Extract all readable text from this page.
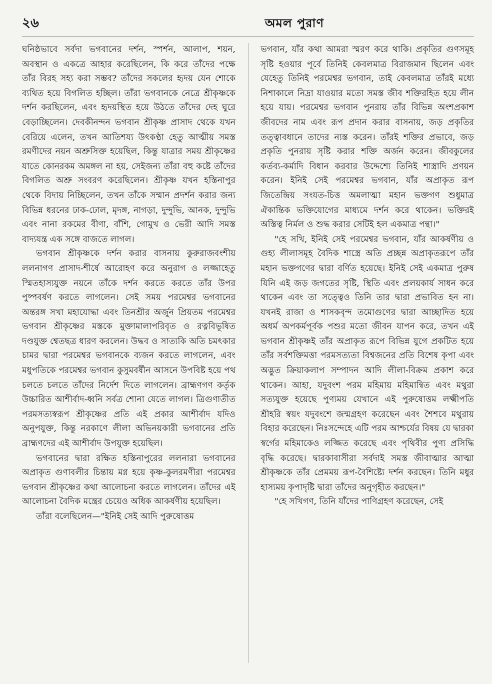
২৬	অমল পুরাণ

ঘনিষ্ঠভাবে সর্বদা ভগবানের দর্শন, স্পর্শন, আলাপ, শয়ন, অবস্থান ও একত্রে আহার করেছিলেন, কি করে তাঁদের পক্ষে তাঁর বিরহ সহ্য করা সম্ভব? তাঁদের সকলের হৃদয় যেন শোকে ব্যথিত হয়ে বিগলিত হচ্ছিল। তাঁরা ভগবানকে নেত্রে শ্রীকৃষ্ণকে দর্শন করছিলেন, এবং হৃদয়স্থিত হয়ে উঠতে তাঁদের দেহ ঘুরে বেড়াচ্ছিলেন। দেবকীনন্দন ভগবান শ্রীকৃষ্ণ প্রাসাদ থেকে যখন বেরিয়ে এলেন, তখন আতিশয্য উৎকণ্ঠা হেতু আত্মীয় সমস্ত রমণীদের নয়ন অশ্রুসিক্ত হয়েছিল, কিন্তু যাত্রার সময় শ্রীকৃষ্ণের যাতে কোনরকম অমঙ্গল না হয়, সেইজন্য তাঁরা বহু কষ্টে তাঁদের বিগলিত অশ্রু সংবরণ করেছিলেন। শ্রীকৃষ্ণ যখন হস্তিনাপুর থেকে বিদায় নিচ্ছিলেন, তখন তাঁকে সম্মান প্রদর্শন করার জন্য বিভিন্ন ধরনের ঢাক-ঢোল, মৃদঙ্গ, নাগড়া, দুন্দুভি, আনক, দুন্দুভি এবং নানা রকমের বীণা, বাঁশি, গোমুখ ও ভেরী আদি সমস্ত বাদ্যযন্ত্র এক সঙ্গে বাজতে লাগল।

ভগবান শ্রীকৃষ্ণকে দর্শন করার বাসনায় কুরুরাজবংশীয় ললনাগণ প্রাসাদ-শীর্ষে আরোহণ করে অনুরাগ ও লজ্জাহেতু স্মিতহাস্যযুক্ত নয়নে তাঁকে দর্শন করতে করতে তাঁর উপর পুষ্পবর্ষণ করতে লাগলেন। সেই সময় পরমেশ্বর ভগবানের অন্তরঙ্গ সখা মহাযোদ্ধা এবং তিনশ্রীর অর্জুন প্রিয়তম পরমেশ্বর ভগবান শ্রীকৃষ্ণের মস্তকে মুক্তামালাপরিবৃত ও রত্নবিভূষিত দণ্ডযুক্ত শ্বেতছত্র ধারণ করলেন। উদ্ধব ও সাত্যকি অতি চমৎকার চামর দ্বারা পরমেশ্বর ভগবানকে ব্যজন করতে লাগলেন, এবং মধুপতিকে পরমেশ্বর ভগবান কুসুমবর্ষীন আসনে উপবিষ্ট হয়ে পথ চলতে চলতে তাঁদের নির্দেশ দিতে লাগলেন। ব্রাহ্মণগণ কর্তৃক উচ্চারিত আশীর্বাদ-ধ্বনি সর্বত্র শোনা যেতে লাগল। ত্রিগুণাতীত পরমসত্যস্বরূপ শ্রীকৃষ্ণের প্রতি এই প্রকার আশীর্বাদ যদিও অনুপযুক্ত, কিন্তু নরকাণে লীলা অভিনয়কারী ভগবানের প্রতি ব্রাহ্মণদের এই আশীর্বাদ উপযুক্ত হয়েছিল।

ভগবানের দ্বারা রক্ষিত হস্তিনাপুরের ললনারা ভগবানের অপ্রাকৃত গুণাবলীর চিন্তায় মগ্ন হয়ে কৃষ্ণ-কুলরমণীরা পরমেশ্বর ভগবান শ্রীকৃষ্ণের কথা আলোচনা করতে লাগলেন। তাঁদের এই আলোচনা বৈদিক মন্ত্রের চেয়েও অধিক আকর্ষণীয় হয়েছিল।

তাঁরা বলেছিলেন—"ইনিই সেই আদি পুরুষোত্তম

ভগবান, যাঁর কথা আমরা স্মরণ করে থাকি। প্রকৃতির গুণসমূহ সৃষ্টি হওয়ার পূর্বে তিনিই কেবলমাত্র বিরাজমান ছিলেন এবং যেহেতু তিনিই পরমেশ্বর ভগবান, তাই কেবলমাত্র তাঁরই মধ্যে নিশাকালে নিদ্রা যাওয়ার মতো সমস্ত জীব শক্তিরহিত হয়ে লীন হয়ে যায়। পরমেশ্বর ভগবান পুনরায় তাঁর বিভিন্ন অংশপ্রকাশ জীবদের নাম এবং রূপ প্রদান করার বাসনায়, জড় প্রকৃতির তত্ত্বাবধানে তাদের ন্যস্ত করেন। তাঁরই শক্তির প্রভাবে, জড় প্রকৃতি পুনরায় সৃষ্টি করার শক্তি অর্জন করেন। জীবকুলের কর্তব্য-কর্মাদি বিধান করবার উদ্দেশ্যে তিনিই শাস্ত্রাদি প্রণয়ন করেন। ইনিই সেই পরমেশ্বর ভগবান, যাঁর অপ্রাকৃত রূপ জিতেন্দ্রিয় সংযত-চিত্ত অমলাত্মা মহান ভক্তগণ শুধুমাত্র ঐকান্তিক ভক্তিযোগের মাধ্যমে দর্শন করে থাকেন। ভক্তিরই অস্তিত্ব নির্মল ও শুদ্ধ করার সেটিই হল একমাত্র পন্থা।"

"হে সখি, ইনিই সেই পরমেশ্বর ভগবান, যাঁর আকর্ষণীয় ও গুহ্য লীলাসমূহ বৈদিক শাস্ত্রে অতি প্রচ্ছন্ন অপ্রাকৃতরূপে তাঁর মহান ভক্তগণের দ্বারা বর্ণিত হয়েছে। ইনিই সেই একমাত্র পুরুষ যিনি এই জড় জগতের সৃষ্টি, স্থিতি এবং প্রলয়কার্য সাধন করে থাকেন এবং তা সত্ত্বেও তিনি তার দ্বারা প্রভাবিত হন না। যখনই রাজা ও শাসকবৃন্দ তমোগুণের দ্বারা আচ্ছাদিত হয়ে অধর্ম অপকর্মপূর্বক পশুর মতো জীবন যাপন করে, তখন এই ভগবান শ্রীকৃষ্ণই তাঁর অপ্রাকৃত রূপে বিভিন্ন যুগে প্রকটিত হয়ে তাঁর সর্বশক্তিমত্তা পরমসত্যতা বিশ্বজনের প্রতি বিশেষ কৃপা এবং অদ্ভুত ক্রিয়াকলাপ সম্পাদন আদি লীলা-বিক্রম প্রকাশ করে থাকেন। আহা, যদুবংশ পরম মহিমায় মহিমান্বিত এবং মথুরা সত্যযুক্ত হয়েছে পুণ্যময় যেখানে এই পুরুষোত্তম লক্ষ্মীপতি শ্রীহরি স্বয়ং যদুবংশে জন্মগ্রহণ করেছেন এবং শৈশবে মথুরায় বিহার করেছেন। নিঃসন্দেহে এটি পরম আশ্চর্যের বিষয় যে দ্বারকা স্বর্গের মহিমাকেও লজ্জিত করেছে এবং পৃথিবীর পুণ্য প্রসিদ্ধি বৃদ্ধি করেছে। দ্বারকাবাসীরা সর্বদাই সমস্ত জীবাত্মার আত্মা শ্রীকৃষ্ণকে তাঁর প্রেমময় রূপ-বৈশিষ্ট্যে দর্শন করছেন। তিনি মধুর হাস্যময় কৃপাদৃষ্টি দ্বারা তাঁদের অনুগৃহীত করছেন।"

"হে সখিগণ, তিনি যাঁদের পাণিগ্রহণ করেছেন, সেই
